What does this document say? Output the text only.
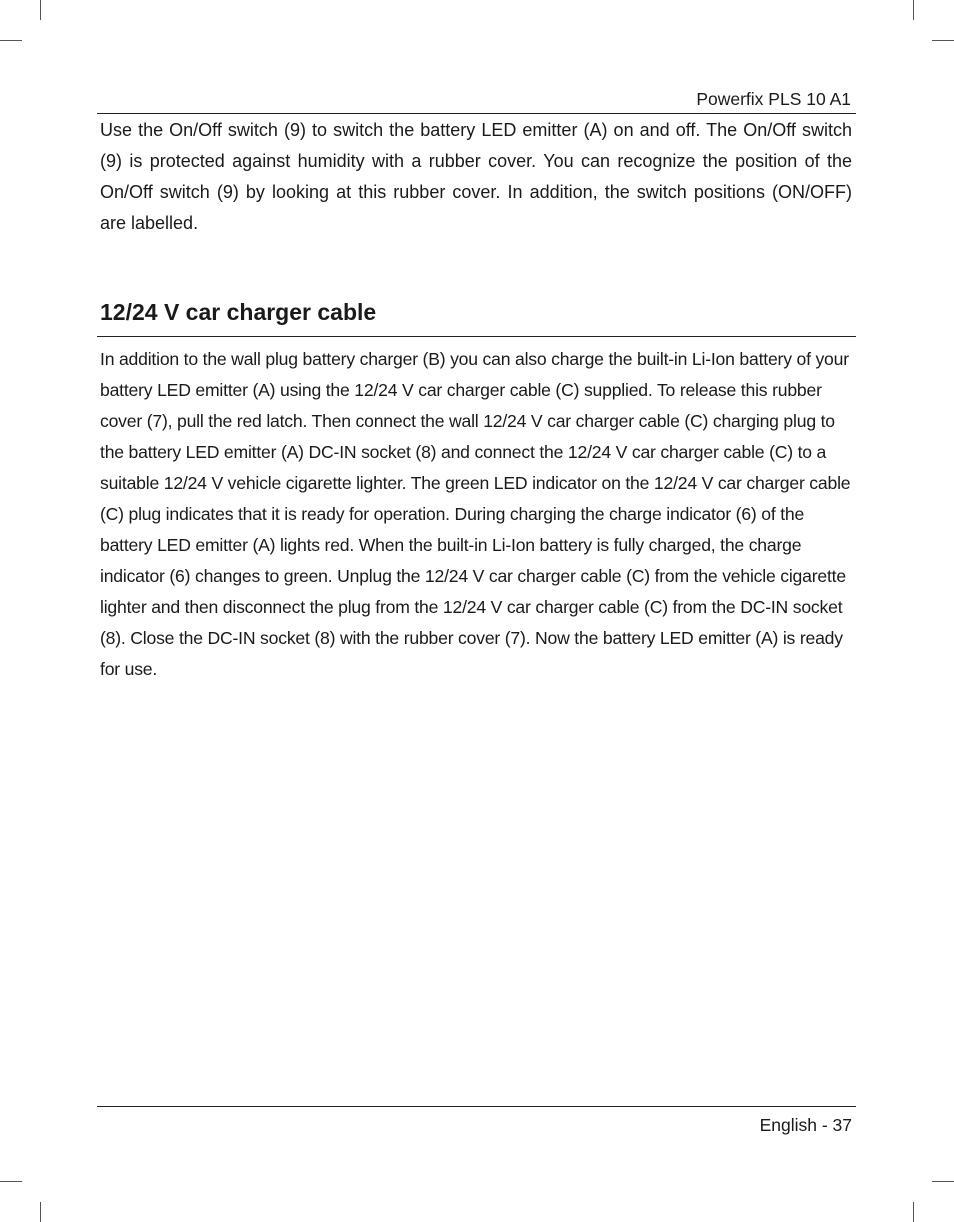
Powerfix PLS 10 A1

Use the On/Off switch (9) to switch the battery LED emitter (A) on and off. The On/Off switch (9) is protected against humidity with a rubber cover. You can recognize the position of the On/Off switch (9) by looking at this rubber cover. In addition, the switch positions (ON/OFF) are labelled.

12/24 V car charger cable

In addition to the wall plug battery charger (B) you can also charge the built-in Li-Ion battery of your battery LED emitter (A) using the 12/24 V car charger cable (C) supplied. To release this rubber cover (7), pull the red latch. Then connect the wall 12/24 V car charger cable (C) charging plug to the battery LED emitter (A) DC-IN socket (8) and connect the 12/24 V car charger cable (C) to a suitable 12/24 V vehicle cigarette lighter. The green LED indicator on the 12/24 V car charger cable (C) plug indicates that it is ready for operation. During charging the charge indicator (6) of the battery LED emitter (A) lights red. When the built-in Li-Ion battery is fully charged, the charge indicator (6) changes to green. Unplug the 12/24 V car charger cable (C) from the vehicle cigarette lighter and then disconnect the plug from the 12/24 V car charger cable (C) from the DC-IN socket (8). Close the DC-IN socket (8) with the rubber cover (7). Now the battery LED emitter (A) is ready for use.

English - 37
